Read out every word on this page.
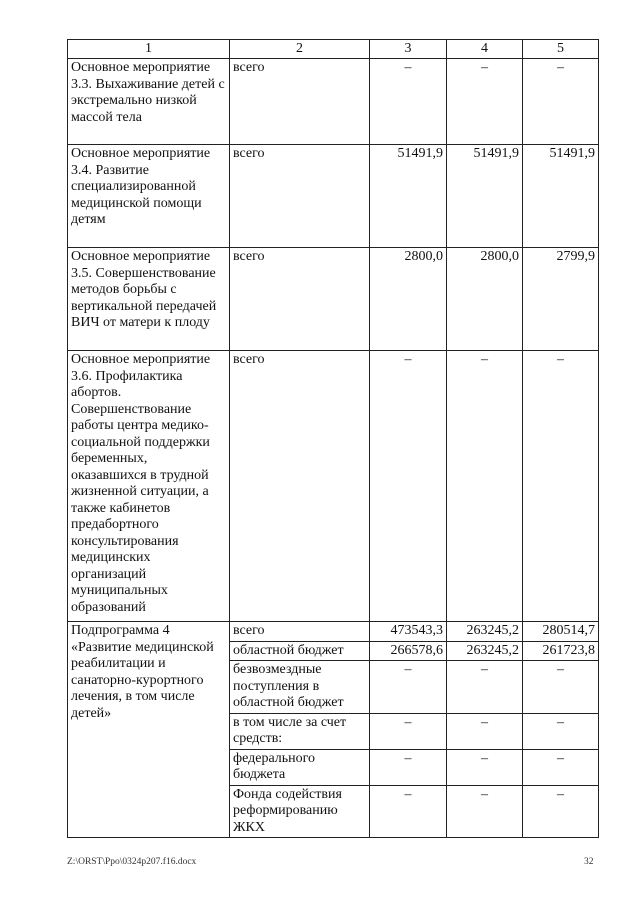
1	2	3	4	5
Основное мероприятие 3.3. Выхаживание детей с экстремально низкой массой тела	всего	–	–	–
Основное мероприятие 3.4. Развитие специализированной медицинской помощи детям	всего	51491,9	51491,9	51491,9
Основное мероприятие 3.5. Совершенствование методов борьбы с вертикальной передачей ВИЧ от матери к плоду	всего	2800,0	2800,0	2799,9
Основное мероприятие 3.6. Профилактика абортов. Совершенствование работы центра медико-социальной поддержки беременных, оказавшихся в трудной жизненной ситуации, а также кабинетов предабортного консультирования медицинских организаций муниципальных образований	всего	–	–	–
Подпрограмма 4 «Развитие медицинской реабилитации и санаторно-курортного лечения, в том числе детей»	всего	473543,3	263245,2	280514,7
	областной бюджет	266578,6	263245,2	261723,8
	безвозмездные поступления в областной бюджет	–	–	–
	в том числе за счет средств:	–	–	–
	федерального бюджета	–	–	–
	Фонда содействия реформированию ЖКХ	–	–	–
Z:\ORST\Ppo\0324p207.f16.docx	32
